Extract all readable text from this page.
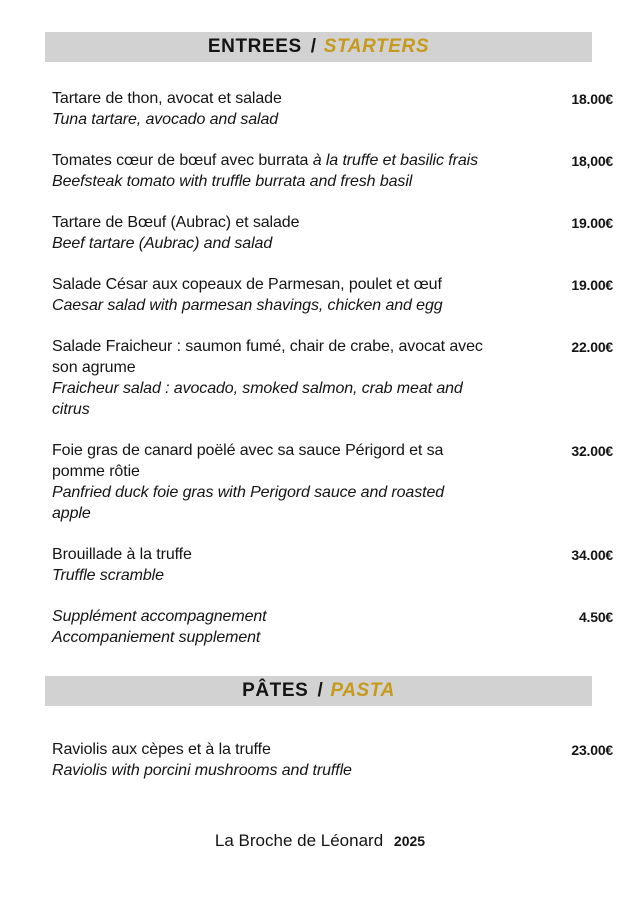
ENTREES / STARTERS
Tartare de thon, avocat et salade
Tuna tartare, avocado and salad
18.00€
Tomates cœur de bœuf avec burrata à la truffe et basilic frais
Beefsteak tomato with truffle burrata and fresh basil
18,00€
Tartare de Bœuf (Aubrac) et salade
Beef tartare (Aubrac) and salad
19.00€
Salade César aux copeaux de Parmesan, poulet et œuf
Caesar salad with parmesan shavings, chicken and egg
19.00€
Salade Fraicheur : saumon fumé, chair de crabe, avocat avec son agrume
Fraicheur salad : avocado, smoked salmon, crab meat and citrus
22.00€
Foie gras de canard poëlé avec sa sauce Périgord et sa pomme rôtie
Panfried duck foie gras with Perigord sauce and roasted apple
32.00€
Brouillade à la truffe
Truffle scramble
34.00€
Supplément accompagnement
Accompaniement supplement
4.50€
PÂTES / PASTA
Raviolis aux cèpes et à la truffe
Raviolis with porcini mushrooms and truffle
23.00€
La Broche de Léonard 2025
